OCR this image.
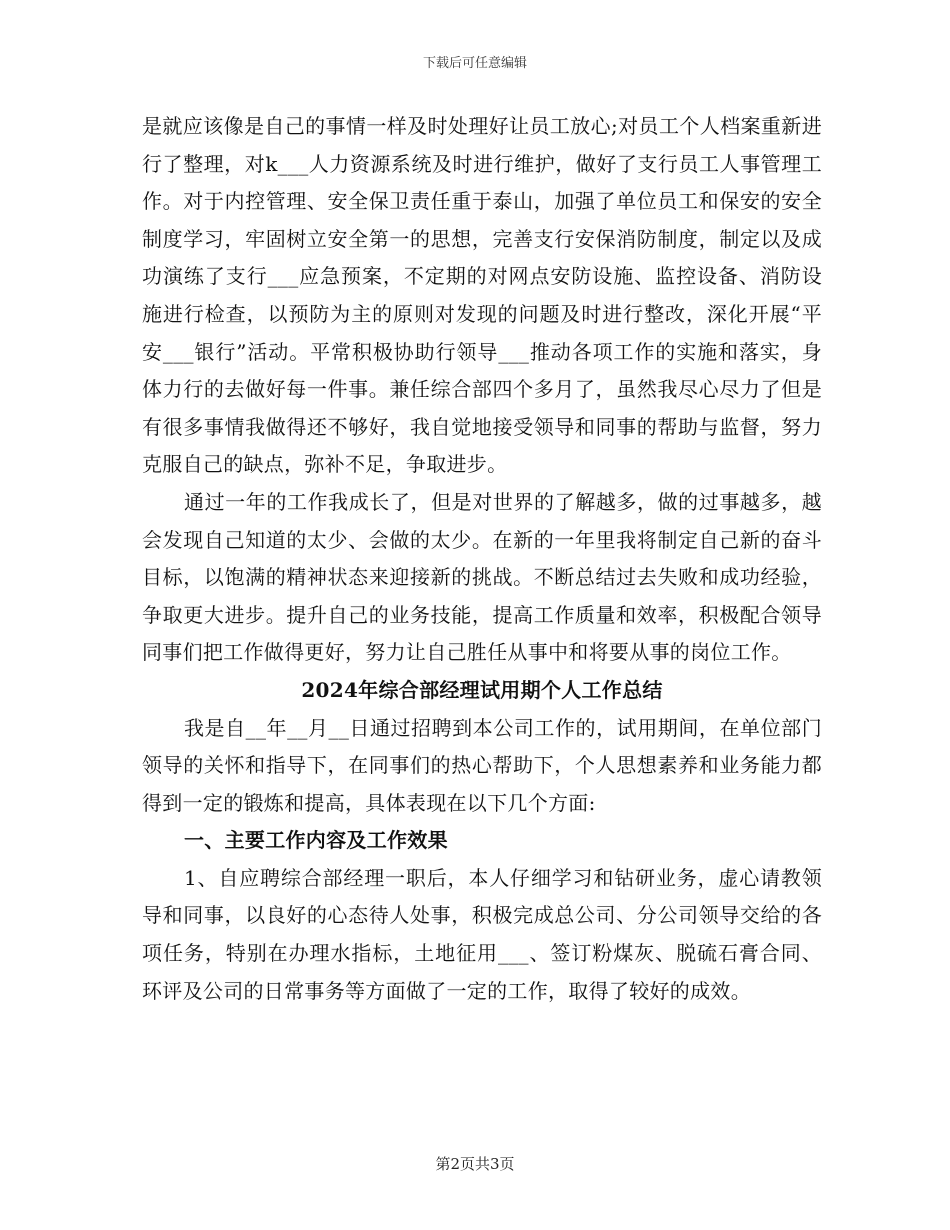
下载后可任意编辑

是就应该像是自己的事情一样及时处理好让员工放心;对员工个人档案重新进行了整理，对k___人力资源系统及时进行维护，做好了支行员工人事管理工作。对于内控管理、安全保卫责任重于泰山，加强了单位员工和保安的安全制度学习，牢固树立安全第一的思想，完善支行安保消防制度，制定以及成功演练了支行___应急预案，不定期的对网点安防设施、监控设备、消防设施进行检查，以预防为主的原则对发现的问题及时进行整改，深化开展“平安___银行”活动。平常积极协助行领导___推动各项工作的实施和落实，身体力行的去做好每一件事。兼任综合部四个多月了，虽然我尽心尽力了但是有很多事情我做得还不够好，我自觉地接受领导和同事的帮助与监督，努力克服自己的缺点，弥补不足，争取进步。

通过一年的工作我成长了，但是对世界的了解越多，做的过事越多，越会发现自己知道的太少、会做的太少。在新的一年里我将制定自己新的奋斗目标，以饱满的精神状态来迎接新的挑战。不断总结过去失败和成功经验，争取更大进步。提升自己的业务技能，提高工作质量和效率，积极配合领导同事们把工作做得更好，努力让自己胜任从事中和将要从事的岗位工作。

2024年综合部经理试用期个人工作总结

我是自__年__月__日通过招聘到本公司工作的，试用期间，在单位部门领导的关怀和指导下，在同事们的热心帮助下，个人思想素养和业务能力都得到一定的锻炼和提高，具体表现在以下几个方面:

一、主要工作内容及工作效果

1、自应聘综合部经理一职后，本人仔细学习和钻研业务，虚心请教领导和同事，以良好的心态待人处事，积极完成总公司、分公司领导交给的各项任务，特别在办理水指标，土地征用___、签订粉煤灰、脱硫石膏合同、环评及公司的日常事务等方面做了一定的工作，取得了较好的成效。

第2页共3页
